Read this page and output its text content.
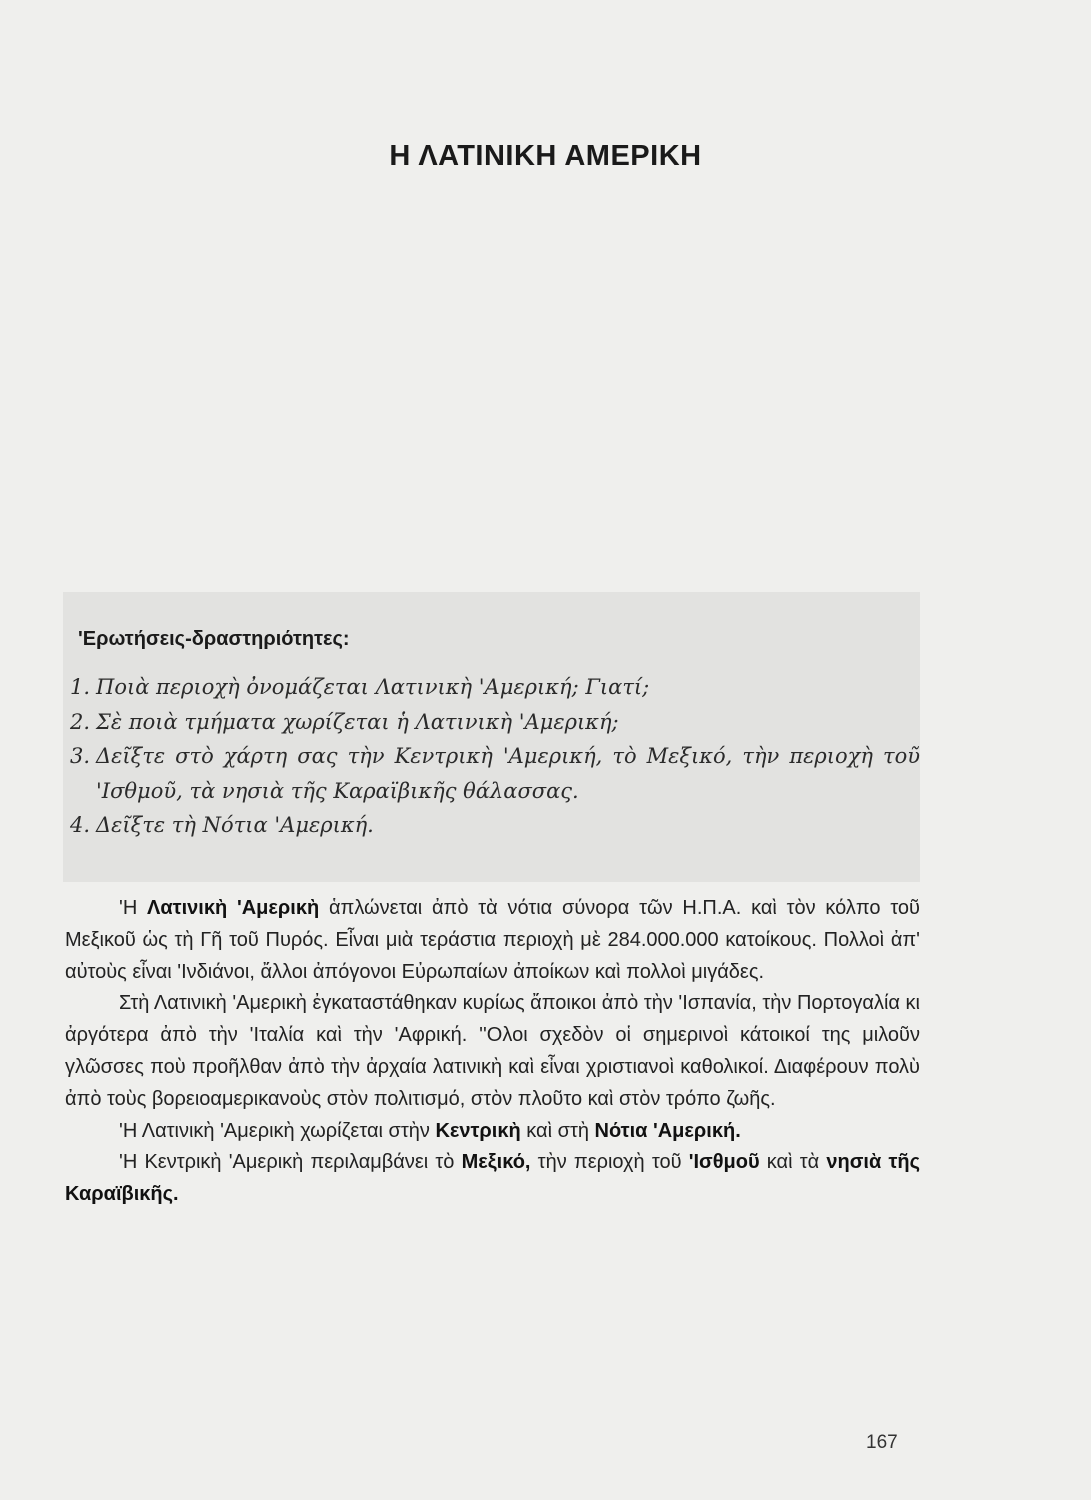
Η ΛΑΤΙΝΙΚΗ ΑΜΕΡΙΚΗ
'Ερωτήσεις-δραστηριότητες:
1. Ποιὰ περιοχὴ ὀνομάζεται Λατινικὴ 'Αμερική; Γιατί;
2. Σὲ ποιὰ τμήματα χωρίζεται ἡ Λατινικὴ 'Αμερική;
3. Δεῖξτε στὸ χάρτη σας τὴν Κεντρικὴ 'Αμερική, τὸ Μεξικό, τὴν περιοχὴ τοῦ 'Ισθμοῦ, τὰ νησιὰ τῆς Καραϊβικῆς θάλασσας.
4. Δεῖξτε τὴ Νότια 'Αμερική.

'Η Λατινικὴ 'Αμερικὴ ἁπλώνεται ἀπὸ τὰ νότια σύνορα τῶν Η.Π.Α. καὶ τὸν κόλπο τοῦ Μεξικοῦ ὡς τὴ Γῆ τοῦ Πυρός. Εἶναι μιὰ τεράστια περιοχὴ μὲ 284.000.000 κατοίκους. Πολλοὶ ἀπ' αὐτοὺς εἶναι 'Ινδιάνοι, ἄλλοι ἀπόγονοι Εὐρωπαίων ἀποίκων καὶ πολλοὶ μιγάδες.

Στὴ Λατινικὴ 'Αμερικὴ ἐγκαταστάθηκαν κυρίως ἄποικοι ἀπὸ τὴν 'Ισπανία, τὴν Πορτογαλία κι ἀργότερα ἀπὸ τὴν 'Ιταλία καὶ τὴν 'Αφρική. ''Ολοι σχεδὸν οἱ σημερινοὶ κάτοικοί της μιλοῦν γλῶσσες ποὺ προῆλθαν ἀπὸ τὴν ἀρχαία λατινικὴ καὶ εἶναι χριστιανοὶ καθολικοί. Διαφέρουν πολὺ ἀπὸ τοὺς βορειοαμερικανοὺς στὸν πολιτισμό, στὸν πλοῦτο καὶ στὸν τρόπο ζωῆς.

'Η Λατινικὴ 'Αμερικὴ χωρίζεται στὴν Κεντρικὴ καὶ στὴ Νότια 'Αμερική.

'Η Κεντρικὴ 'Αμερικὴ περιλαμβάνει τὸ Μεξικό, τὴν περιοχὴ τοῦ 'Ισθμοῦ καὶ τὰ νησιὰ τῆς Καραϊβικῆς.

167
